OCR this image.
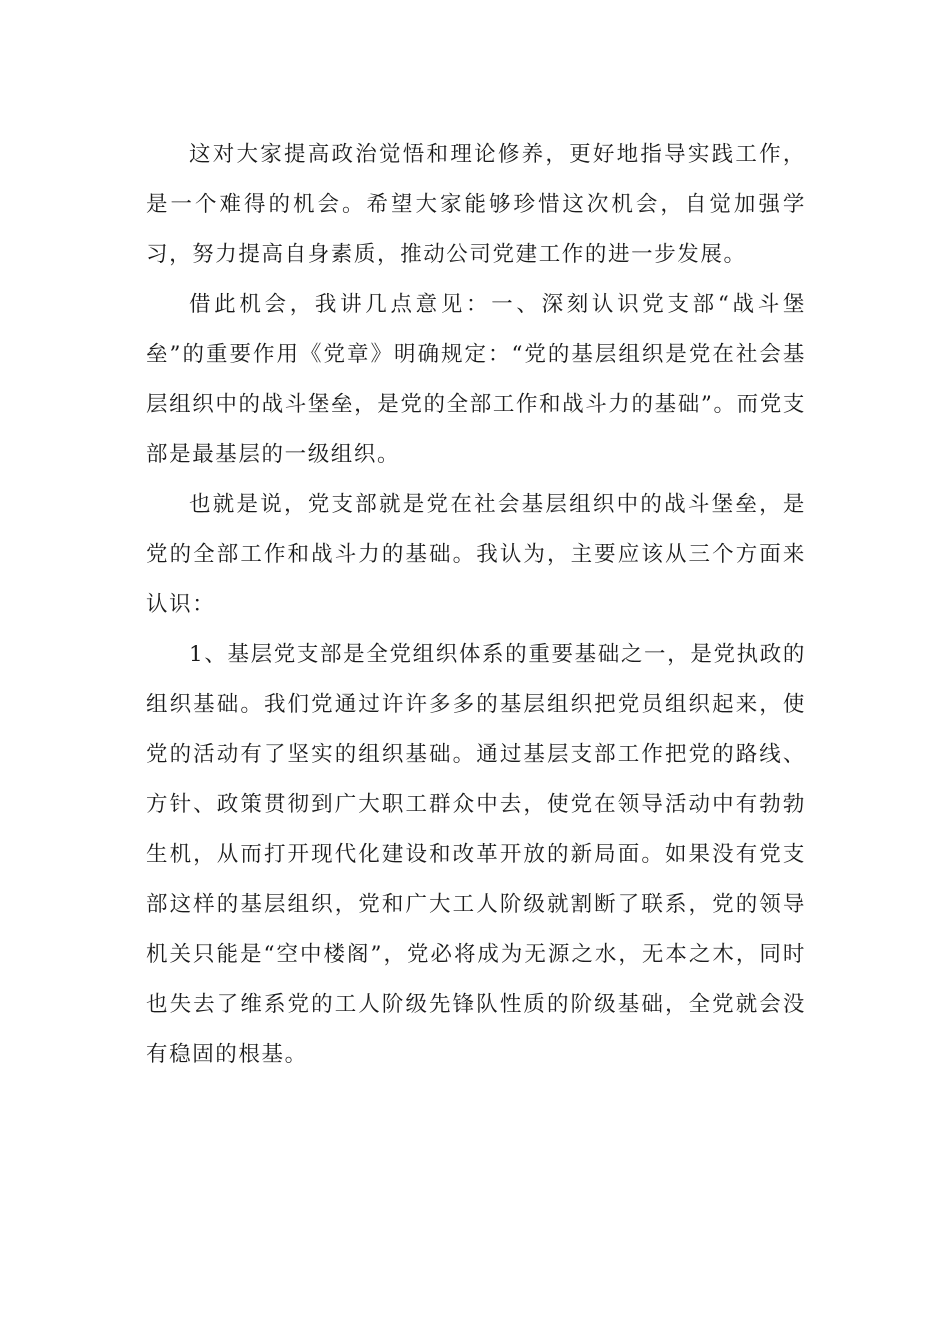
这对大家提高政治觉悟和理论修养，更好地指导实践工作，是一个难得的机会。希望大家能够珍惜这次机会，自觉加强学习，努力提高自身素质，推动公司党建工作的进一步发展。

借此机会，我讲几点意见：一、深刻认识党支部“战斗堡垒”的重要作用《党章》明确规定：“党的基层组织是党在社会基层组织中的战斗堡垒，是党的全部工作和战斗力的基础”。而党支部是最基层的一级组织。

也就是说，党支部就是党在社会基层组织中的战斗堡垒，是党的全部工作和战斗力的基础。我认为，主要应该从三个方面来认识：

1、基层党支部是全党组织体系的重要基础之一，是党执政的组织基础。我们党通过许许多多的基层组织把党员组织起来，使党的活动有了坚实的组织基础。通过基层支部工作把党的路线、方针、政策贯彻到广大职工群众中去，使党在领导活动中有勃勃生机，从而打开现代化建设和改革开放的新局面。如果没有党支部这样的基层组织，党和广大工人阶级就割断了联系，党的领导机关只能是“空中楼阁”，党必将成为无源之水，无本之木，同时也失去了维系党的工人阶级先锋队性质的阶级基础，全党就会没有稳固的根基。
